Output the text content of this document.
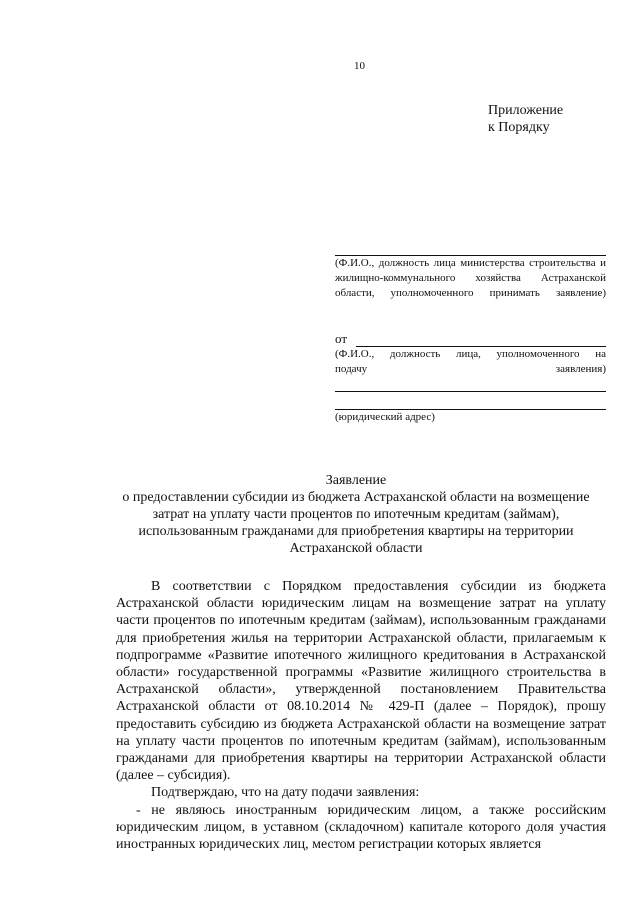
10
Приложение
к Порядку
(Ф.И.О., должность лица министерства строительства и жилищно-коммунального хозяйства Астраханской области, уполномоченного принимать заявление)
от
(Ф.И.О., должность лица, уполномоченного на
подачу	заявления)
(юридический адрес)
Заявление
о предоставлении субсидии из бюджета Астраханской области на возмещение затрат на уплату части процентов по ипотечным кредитам (займам), использованным гражданами для приобретения квартиры на территории Астраханской области

В соответствии с Порядком предоставления субсидии из бюджета Астраханской области юридическим лицам на возмещение затрат на уплату части процентов по ипотечным кредитам (займам), использованным гражданами для приобретения жилья на территории Астраханской области, прилагаемым к подпрограмме «Развитие ипотечного жилищного кредитования в Астраханской области» государственной программы «Развитие жилищного строительства в Астраханской области», утвержденной постановлением Правительства Астраханской области от 08.10.2014 № 429-П (далее – Порядок), прошу предоставить субсидию из бюджета Астраханской области на возмещение затрат на уплату части процентов по ипотечным кредитам (займам), использованным гражданами для приобретения квартиры на территории Астраханской области (далее – субсидия).

Подтверждаю, что на дату подачи заявления:

- не являюсь иностранным юридическим лицом, а также российским юридическим лицом, в уставном (складочном) капитале которого доля участия иностранных юридических лиц, местом регистрации которых является
